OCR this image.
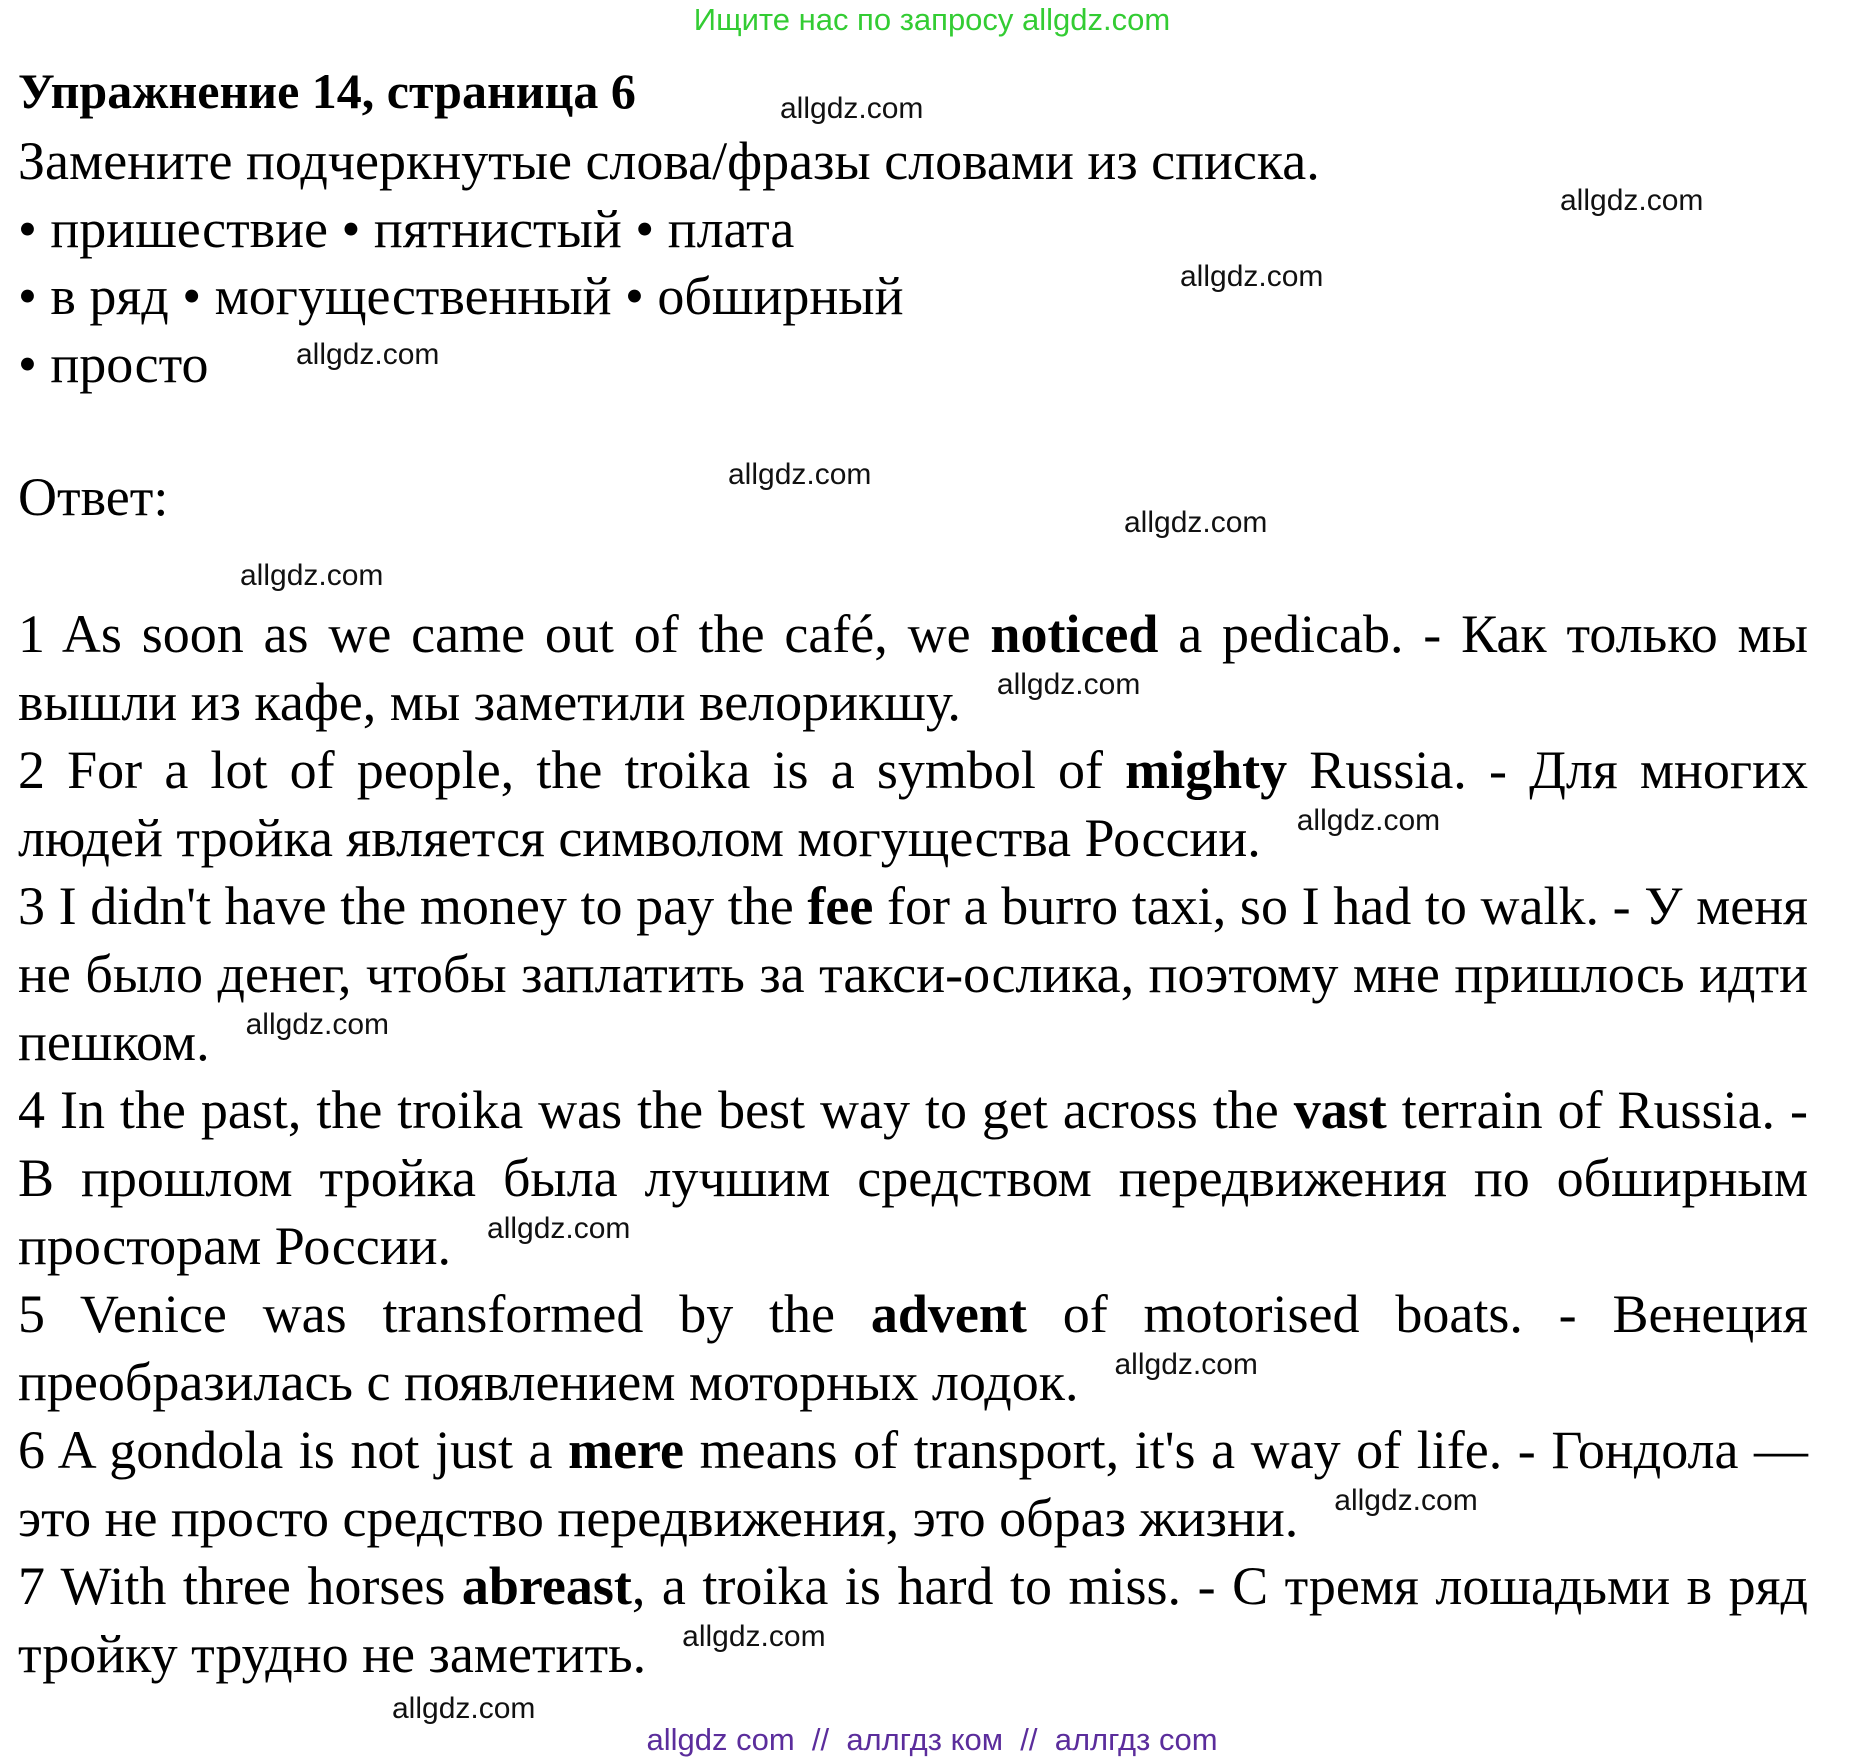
Ищите нас по запросу allgdz.com
Упражнение 14, страница 6
Замените подчеркнутые слова/фразы словами из списка.
• пришествие • пятнистый • плата
• в ряд • могущественный • обширный
• просто
Ответ:

1 As soon as we came out of the café, we noticed a pedicab. - Как только мы вышли из кафе, мы заметили велорикшу. allgdz.com

2 For a lot of people, the troika is a symbol of mighty Russia. - Для многих людей тройка является символом могущества России. allgdz.com

3 I didn't have the money to pay the fee for a burro taxi, so I had to walk. - У меня не было денег, чтобы заплатить за такси-ослика, поэтому мне пришлось идти пешком. allgdz.com

4 In the past, the troika was the best way to get across the vast terrain of Russia. - В прошлом тройка была лучшим средством передвижения по обширным просторам России. allgdz.com

5 Venice was transformed by the advent of motorised boats. - Венеция преобразилась с появлением моторных лодок. allgdz.com

6 A gondola is not just a mere means of transport, it's a way of life. - Гондола — это не просто средство передвижения, это образ жизни. allgdz.com

7 With three horses abreast, a troika is hard to miss. - С тремя лошадьми в ряд тройку трудно не заметить. allgdz.com

allgdz.com
allgdz.com
allgdz.com
allgdz.com
allgdz.com
allgdz.com
allgdz.com
allgdz.com
allgdz com  //  аллгдз ком  //  аллгдз com
